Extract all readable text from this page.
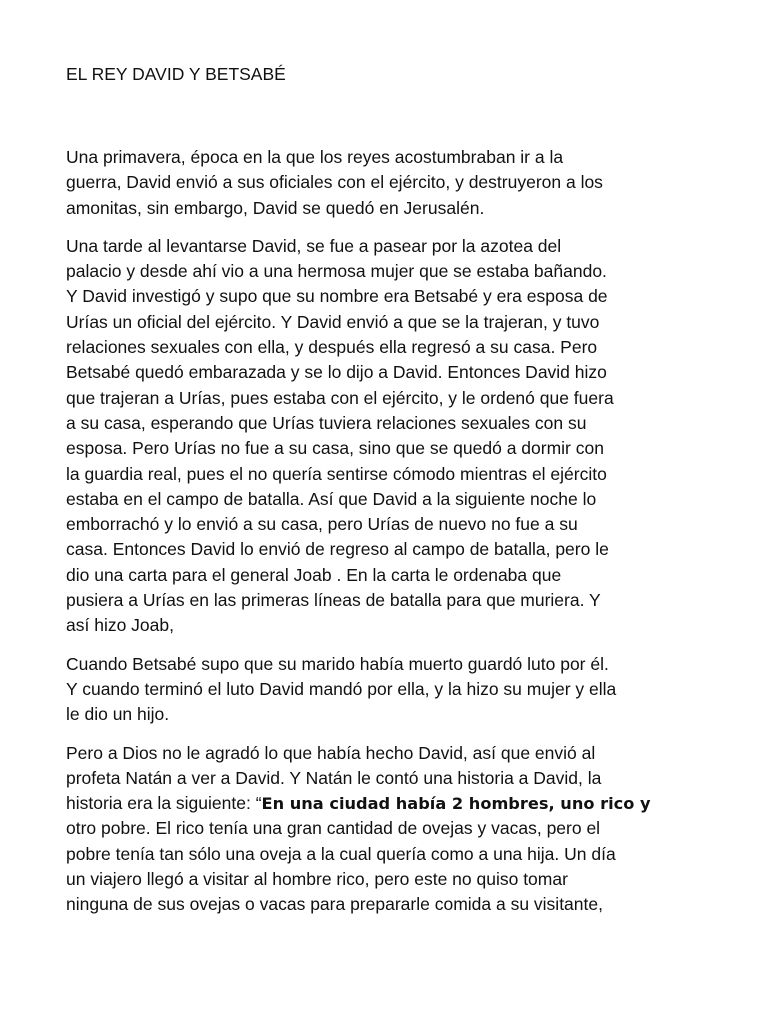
EL REY DAVID Y BETSABÉ

Una primavera, época en la que los reyes acostumbraban ir a la
guerra, David envió a sus oficiales con el ejército, y destruyeron a los
amonitas, sin embargo, David se quedó en Jerusalén.

Una tarde al levantarse David, se fue a pasear por la azotea del
palacio y desde ahí vio a una hermosa mujer que se estaba bañando.
Y David investigó y supo que su nombre era Betsabé y era esposa de
Urías un oficial del ejército. Y David envió a que se la trajeran, y tuvo
relaciones sexuales con ella, y después ella regresó a su casa. Pero
Betsabé quedó embarazada y se lo dijo a David. Entonces David hizo
que trajeran a Urías, pues estaba con el ejército, y le ordenó que fuera
a su casa, esperando que Urías tuviera relaciones sexuales con su
esposa. Pero Urías no fue a su casa, sino que se quedó a dormir con
la guardia real, pues el no quería sentirse cómodo mientras el ejército
estaba en el campo de batalla. Así que David a la siguiente noche lo
emborrachó y lo envió a su casa, pero Urías de nuevo no fue a su
casa. Entonces David lo envió de regreso al campo de batalla, pero le
dio una carta para el general Joab . En la carta le ordenaba que
pusiera a Urías en las primeras líneas de batalla para que muriera. Y
así hizo Joab,

Cuando Betsabé supo que su marido había muerto guardó luto por él.
Y cuando terminó el luto David mandó por ella, y la hizo su mujer y ella
le dio un hijo.

Pero a Dios no le agradó lo que había hecho David, así que envió al
profeta Natán a ver a David. Y Natán le contó una historia a David, la
historia era la siguiente: “En una ciudad había 2 hombres, uno rico y
otro pobre. El rico tenía una gran cantidad de ovejas y vacas, pero el
pobre tenía tan sólo una oveja a la cual quería como a una hija. Un día
un viajero llegó a visitar al hombre rico, pero este no quiso tomar
ninguna de sus ovejas o vacas para prepararle comida a su visitante,
